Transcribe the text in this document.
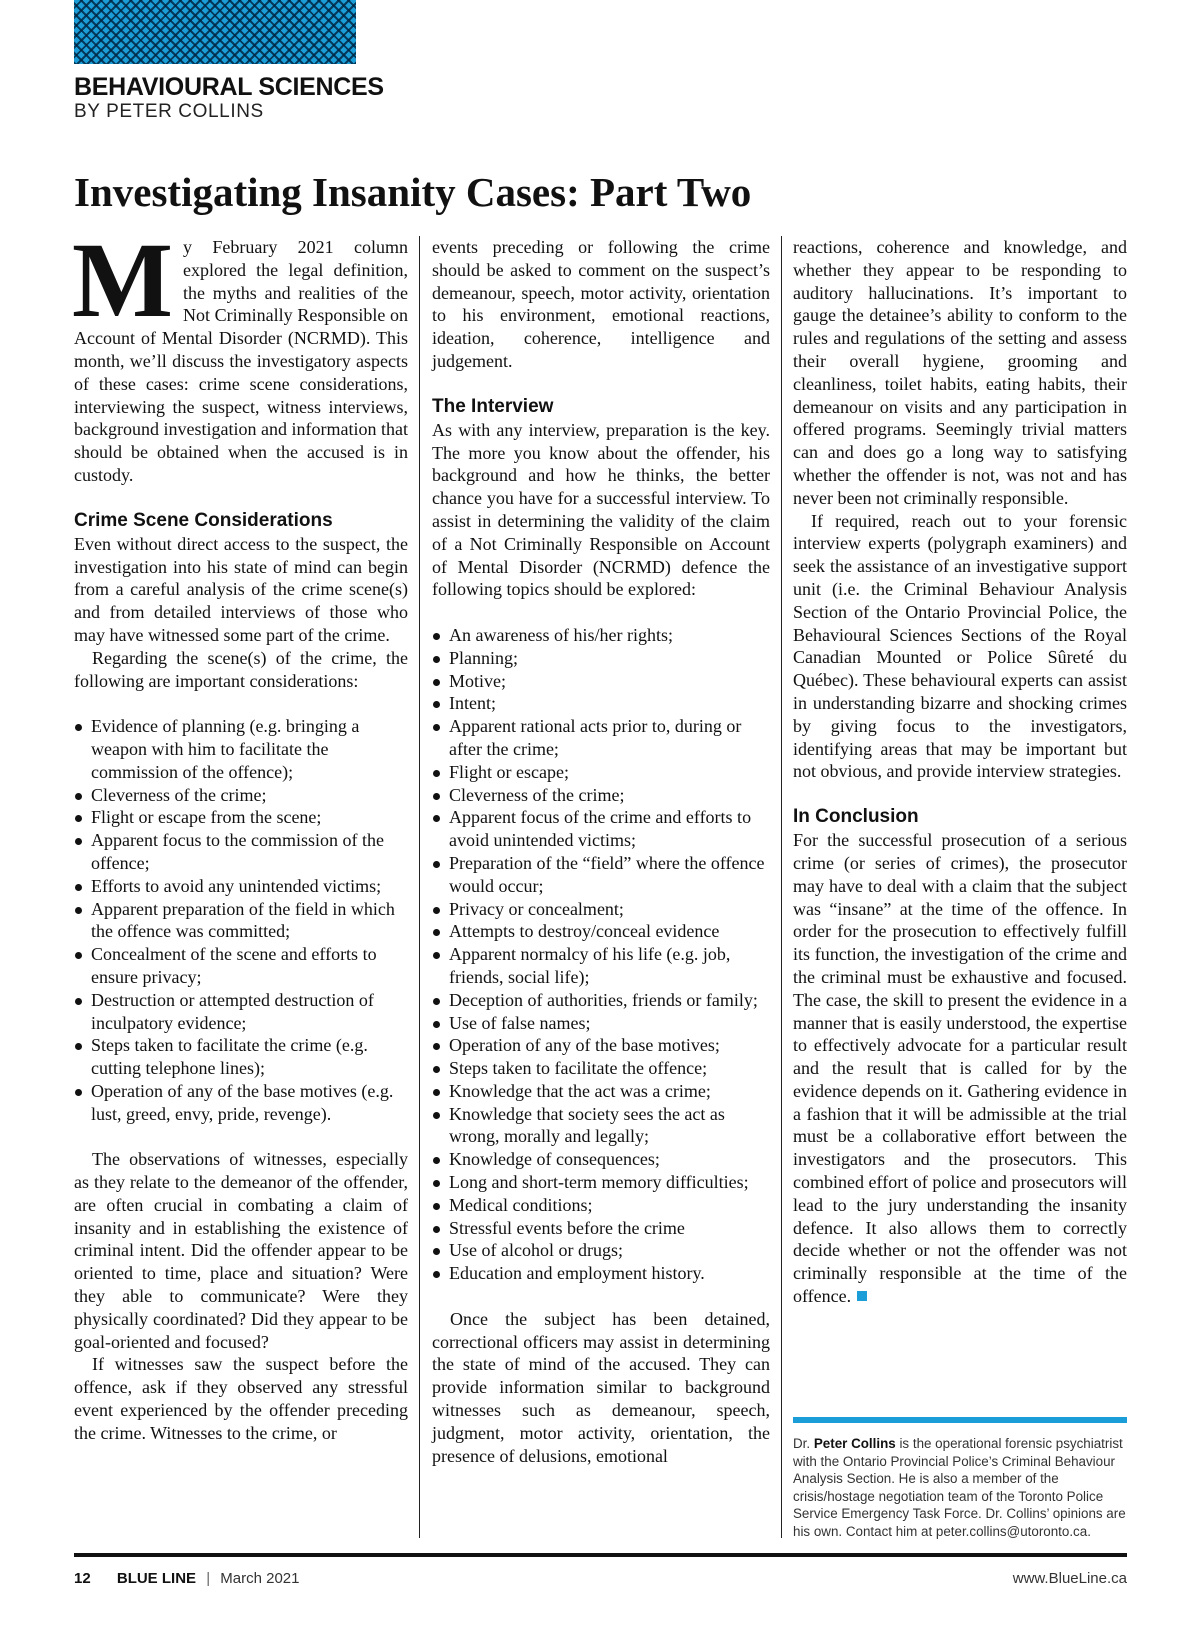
BEHAVIOURAL SCIENCES
BY PETER COLLINS
Investigating Insanity Cases: Part Two
M y February 2021 column explored the legal definition, the myths and realities of the Not Criminally Responsible on Account of Mental Disorder (NCRMD). This month, we’ll discuss the investigatory aspects of these cases: crime scene considerations, interviewing the suspect, witness interviews, background investigation and information that should be obtained when the accused is in custody.

Crime Scene Considerations

Even without direct access to the suspect, the investigation into his state of mind can begin from a careful analysis of the crime scene(s) and from detailed interviews of those who may have witnessed some part of the crime.

Regarding the scene(s) of the crime, the following are important considerations:

Evidence of planning (e.g. bringing a weapon with him to facilitate the commission of the offence);
Cleverness of the crime;
Flight or escape from the scene;
Apparent focus to the commission of the offence;
Efforts to avoid any unintended victims;
Apparent preparation of the field in which the offence was committed;
Concealment of the scene and efforts to ensure privacy;
Destruction or attempted destruction of inculpatory evidence;
Steps taken to facilitate the crime (e.g. cutting telephone lines);
Operation of any of the base motives (e.g. lust, greed, envy, pride, revenge).

The observations of witnesses, especially as they relate to the demeanor of the offender, are often crucial in combating a claim of insanity and in establishing the existence of criminal intent. Did the offender appear to be oriented to time, place and situation? Were they able to communicate? Were they physically coordinated? Did they appear to be goal-oriented and focused?

If witnesses saw the suspect before the offence, ask if they observed any stressful event experienced by the offender preceding the crime. Witnesses to the crime, or

events preceding or following the crime should be asked to comment on the suspect’s demeanour, speech, motor activity, orientation to his environment, emotional reactions, ideation, coherence, intelligence and judgement.

The Interview

As with any interview, preparation is the key. The more you know about the offender, his background and how he thinks, the better chance you have for a successful interview. To assist in determining the validity of the claim of a Not Criminally Responsible on Account of Mental Disorder (NCRMD) defence the following topics should be explored:

An awareness of his/her rights;
Planning;
Motive;
Intent;
Apparent rational acts prior to, during or after the crime;
Flight or escape;
Cleverness of the crime;
Apparent focus of the crime and efforts to avoid unintended victims;
Preparation of the “field” where the offence would occur;
Privacy or concealment;
Attempts to destroy/conceal evidence
Apparent normalcy of his life (e.g. job, friends, social life);
Deception of authorities, friends or family;
Use of false names;
Operation of any of the base motives;
Steps taken to facilitate the offence;
Knowledge that the act was a crime;
Knowledge that society sees the act as wrong, morally and legally;
Knowledge of consequences;
Long and short-term memory difficulties;
Medical conditions;
Stressful events before the crime
Use of alcohol or drugs;
Education and employment history.

Once the subject has been detained, correctional officers may assist in determining the state of mind of the accused. They can provide information similar to background witnesses such as demeanour, speech, judgment, motor activity, orientation, the presence of delusions, emotional

reactions, coherence and knowledge, and whether they appear to be responding to auditory hallucinations. It’s important to gauge the detainee’s ability to conform to the rules and regulations of the setting and assess their overall hygiene, grooming and cleanliness, toilet habits, eating habits, their demeanour on visits and any participation in offered programs. Seemingly trivial matters can and does go a long way to satisfying whether the offender is not, was not and has never been not criminally responsible.

If required, reach out to your forensic interview experts (polygraph examiners) and seek the assistance of an investigative support unit (i.e. the Criminal Behaviour Analysis Section of the Ontario Provincial Police, the Behavioural Sciences Sections of the Royal Canadian Mounted or Police Sûreté du Québec). These behavioural experts can assist in understanding bizarre and shocking crimes by giving focus to the investigators, identifying areas that may be important but not obvious, and provide interview strategies.

In Conclusion

For the successful prosecution of a serious crime (or series of crimes), the prosecutor may have to deal with a claim that the subject was “insane” at the time of the offence. In order for the prosecution to effectively fulfill its function, the investigation of the crime and the criminal must be exhaustive and focused. The case, the skill to present the evidence in a manner that is easily understood, the expertise to effectively advocate for a particular result and the result that is called for by the evidence depends on it. Gathering evidence in a fashion that it will be admissible at the trial must be a collaborative effort between the investigators and the prosecutors. This combined effort of police and prosecutors will lead to the jury understanding the insanity defence. It also allows them to correctly decide whether or not the offender was not criminally responsible at the time of the offence.

Dr. Peter Collins is the operational forensic psychiatrist with the Ontario Provincial Police’s Criminal Behaviour Analysis Section. He is also a member of the crisis/hostage negotiation team of the Toronto Police Service Emergency Task Force. Dr. Collins’ opinions are his own. Contact him at peter.collins@utoronto.ca.
12 BLUE LINE | March 2021	www.BlueLine.ca
